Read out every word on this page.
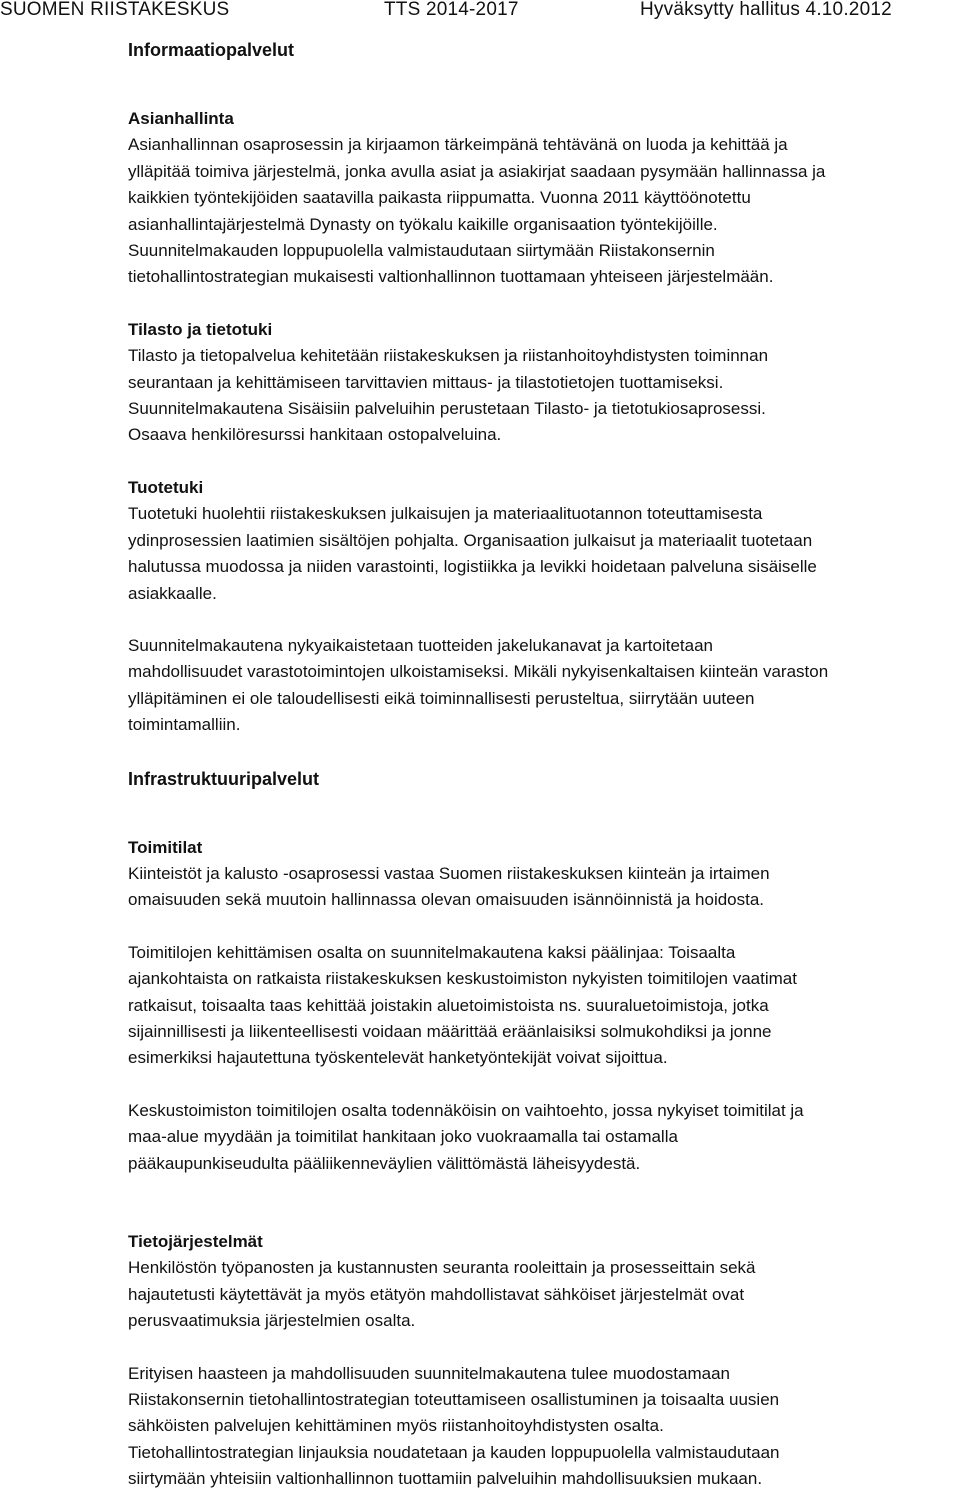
SUOMEN RIISTAKESKUS	TTS 2014-2017	Hyväksytty hallitus 4.10.2012

Informaatiopalvelut

Asianhallinta

Asianhallinnan osaprosessin ja kirjaamon tärkeimpänä tehtävänä on luoda ja kehittää ja

ylläpitää toimiva järjestelmä, jonka avulla asiat ja asiakirjat saadaan pysymään hallinnassa ja

kaikkien työntekijöiden saatavilla paikasta riippumatta. Vuonna 2011 käyttöönotettu

asianhallintajärjestelmä Dynasty on työkalu kaikille organisaation työntekijöille.

Suunnitelmakauden loppupuolella valmistaudutaan siirtymään Riistakonsernin

tietohallintostrategian mukaisesti valtionhallinnon tuottamaan yhteiseen järjestelmään.

Tilasto ja tietotuki

Tilasto ja tietopalvelua kehitetään riistakeskuksen ja riistanhoitoyhdistysten toiminnan

seurantaan ja kehittämiseen tarvittavien mittaus- ja tilastotietojen tuottamiseksi.

Suunnitelmakautena Sisäisiin palveluihin perustetaan Tilasto- ja tietotukiosaprosessi.

Osaava henkilöresurssi hankitaan ostopalveluina.

Tuotetuki

Tuotetuki huolehtii riistakeskuksen julkaisujen ja materiaalituotannon toteuttamisesta

ydinprosessien laatimien sisältöjen pohjalta. Organisaation julkaisut ja materiaalit tuotetaan

halutussa muodossa ja niiden varastointi, logistiikka ja levikki hoidetaan palveluna sisäiselle

asiakkaalle.

Suunnitelmakautena nykyaikaistetaan tuotteiden jakelukanavat ja kartoitetaan

mahdollisuudet varastotoimintojen ulkoistamiseksi. Mikäli nykyisenkaltaisen kiinteän varaston

ylläpitäminen ei ole taloudellisesti eikä toiminnallisesti perusteltua, siirrytään uuteen

toimintamalliin.

Infrastruktuuripalvelut

Toimitilat

Kiinteistöt ja kalusto -osaprosessi vastaa Suomen riistakeskuksen kiinteän ja irtaimen

omaisuuden sekä muutoin hallinnassa olevan omaisuuden isännöinnistä ja hoidosta.

Toimitilojen kehittämisen osalta on suunnitelmakautena kaksi päälinjaa: Toisaalta

ajankohtaista on ratkaista riistakeskuksen keskustoimiston nykyisten toimitilojen vaatimat

ratkaisut, toisaalta taas kehittää joistakin aluetoimistoista ns. suuraluetoimistoja, jotka

sijainnillisesti ja liikenteellisesti voidaan määrittää eräänlaisiksi solmukohdiksi ja jonne

esimerkiksi hajautettuna työskentelevät hanketyöntekijät voivat sijoittua.

Keskustoimiston toimitilojen osalta todennäköisin on vaihtoehto, jossa nykyiset toimitilat ja

maa-alue myydään ja toimitilat hankitaan joko vuokraamalla tai ostamalla

pääkaupunkiseudulta pääliikenneväylien välittömästä läheisyydestä.

Tietojärjestelmät

Henkilöstön työpanosten ja kustannusten seuranta rooleittain ja prosesseittain sekä

hajautetusti käytettävät ja myös etätyön mahdollistavat sähköiset järjestelmät ovat

perusvaatimuksia järjestelmien osalta.

Erityisen haasteen ja mahdollisuuden suunnitelmakautena tulee muodostamaan

Riistakonsernin tietohallintostrategian toteuttamiseen osallistuminen ja toisaalta uusien

sähköisten palvelujen kehittäminen myös riistanhoitoyhdistysten osalta.

Tietohallintostrategian linjauksia noudatetaan ja kauden loppupuolella valmistaudutaan

siirtymään yhteisiin valtionhallinnon tuottamiin palveluihin mahdollisuuksien mukaan.
